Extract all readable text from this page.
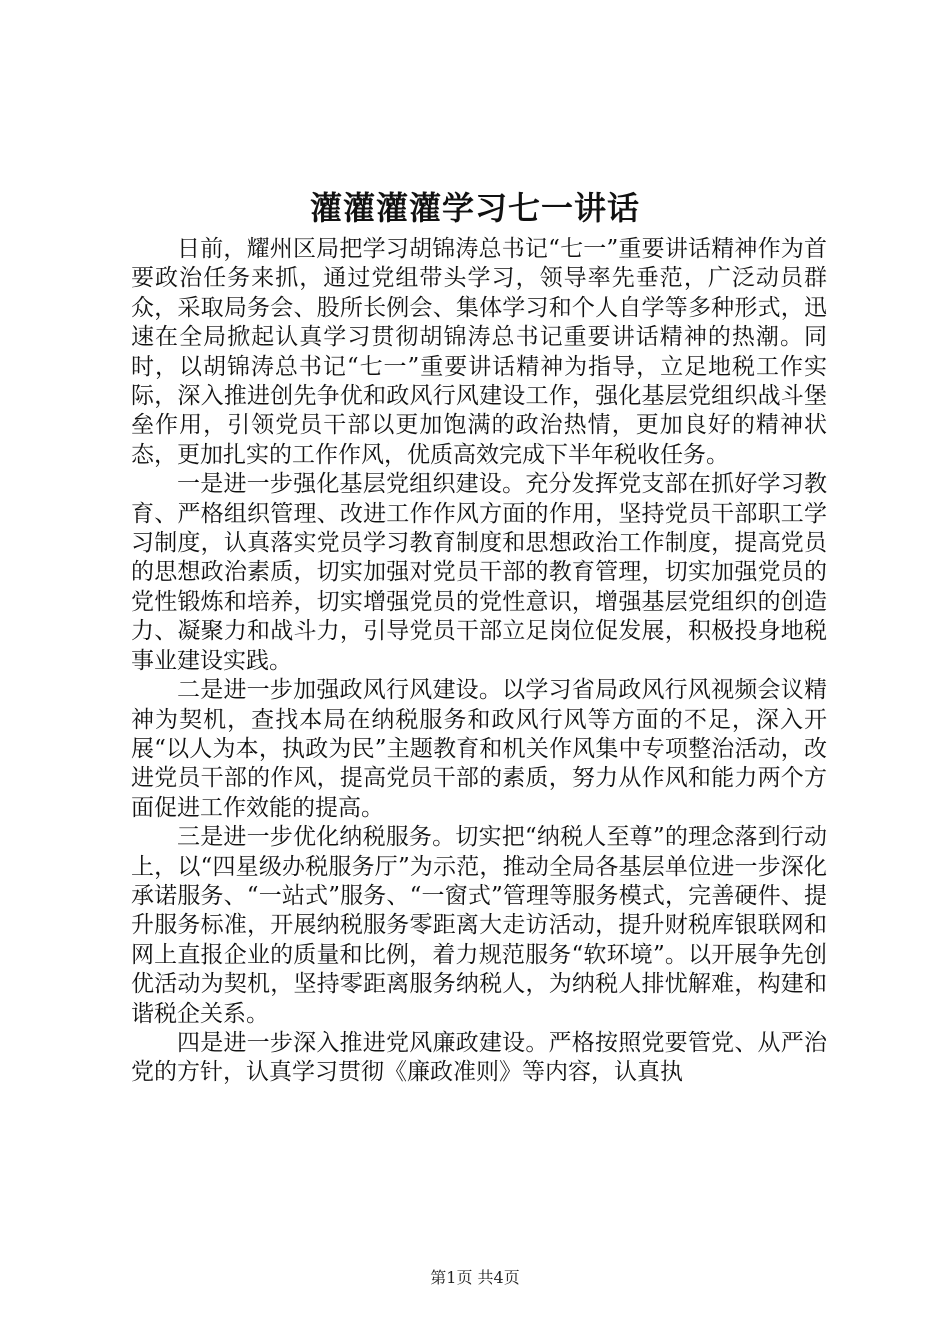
灌灌灌灌学习七一讲话

日前，耀州区局把学习胡锦涛总书记“七一”重要讲话精神作为首要政治任务来抓，通过党组带头学习，领导率先垂范，广泛动员群众，采取局务会、股所长例会、集体学习和个人自学等多种形式，迅速在全局掀起认真学习贯彻胡锦涛总书记重要讲话精神的热潮。同时，以胡锦涛总书记“七一”重要讲话精神为指导，立足地税工作实际，深入推进创先争优和政风行风建设工作，强化基层党组织战斗堡垒作用，引领党员干部以更加饱满的政治热情，更加良好的精神状态，更加扎实的工作作风，优质高效完成下半年税收任务。

一是进一步强化基层党组织建设。充分发挥党支部在抓好学习教育、严格组织管理、改进工作作风方面的作用，坚持党员干部职工学习制度，认真落实党员学习教育制度和思想政治工作制度，提高党员的思想政治素质，切实加强对党员干部的教育管理，切实加强党员的党性锻炼和培养，切实增强党员的党性意识，增强基层党组织的创造力、凝聚力和战斗力，引导党员干部立足岗位促发展，积极投身地税事业建设实践。

二是进一步加强政风行风建设。以学习省局政风行风视频会议精神为契机，查找本局在纳税服务和政风行风等方面的不足，深入开展“以人为本，执政为民”主题教育和机关作风集中专项整治活动，改进党员干部的作风，提高党员干部的素质，努力从作风和能力两个方面促进工作效能的提高。

三是进一步优化纳税服务。切实把“纳税人至尊”的理念落到行动上，以“四星级办税服务厅”为示范，推动全局各基层单位进一步深化承诺服务、“一站式”服务、“一窗式”管理等服务模式，完善硬件、提升服务标准，开展纳税服务零距离大走访活动，提升财税库银联网和网上直报企业的质量和比例，着力规范服务“软环境”。以开展争先创优活动为契机，坚持零距离服务纳税人，为纳税人排忧解难，构建和谐税企关系。

四是进一步深入推进党风廉政建设。严格按照党要管党、从严治党的方针，认真学习贯彻《廉政准则》等内容，认真执

第1页 共4页
